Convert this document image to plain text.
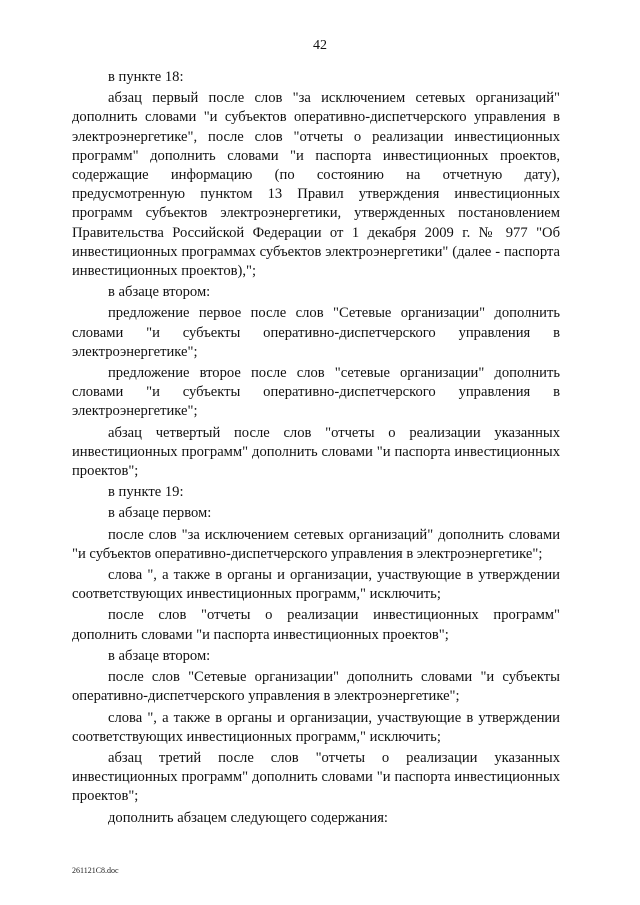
42

в пункте 18:

абзац первый после слов "за исключением сетевых организаций" дополнить словами "и субъектов оперативно-диспетчерского управления в электроэнергетике", после слов "отчеты о реализации инвестиционных программ" дополнить словами "и паспорта инвестиционных проектов, содержащие информацию (по состоянию на отчетную дату), предусмотренную пунктом 13 Правил утверждения инвестиционных программ субъектов электроэнергетики, утвержденных постановлением Правительства Российской Федерации от 1 декабря 2009 г. № 977 "Об инвестиционных программах субъектов электроэнергетики" (далее - паспорта инвестиционных проектов),";

в абзаце втором:

предложение первое после слов "Сетевые организации" дополнить словами "и субъекты оперативно-диспетчерского управления в электроэнергетике";

предложение второе после слов "сетевые организации" дополнить словами "и субъекты оперативно-диспетчерского управления в электроэнергетике";

абзац четвертый после слов "отчеты о реализации указанных инвестиционных программ" дополнить словами "и паспорта инвестиционных проектов";

в пункте 19:

в абзаце первом:

после слов "за исключением сетевых организаций" дополнить словами "и субъектов оперативно-диспетчерского управления в электроэнергетике";

слова ", а также в органы и организации, участвующие в утверждении соответствующих инвестиционных программ," исключить;

после слов "отчеты о реализации инвестиционных программ" дополнить словами "и паспорта инвестиционных проектов";

в абзаце втором:

после слов "Сетевые организации" дополнить словами "и субъекты оперативно-диспетчерского управления в электроэнергетике";

слова ", а также в органы и организации, участвующие в утверждении соответствующих инвестиционных программ," исключить;

абзац третий после слов "отчеты о реализации указанных инвестиционных программ" дополнить словами "и паспорта инвестиционных проектов";

дополнить абзацем следующего содержания:

261121C8.doc
